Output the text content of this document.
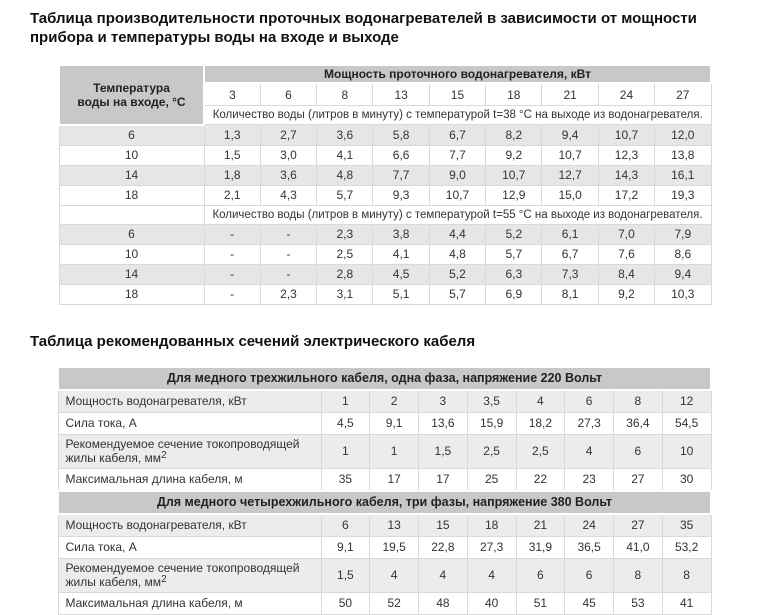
Таблица производительности проточных водонагревателей в зависимости от мощности прибора и температуры воды на входе и выходе
Температура воды на входе, °С	Мощность проточного водонагревателя, кВт								
	3	6	8	13	15	18	21	24	27
	Количество воды (литров в минуту) с температурой t=38 °С на выходе из водонагревателя.								
6	1,3	2,7	3,6	5,8	6,7	8,2	9,4	10,7	12,0
10	1,5	3,0	4,1	6,6	7,7	9,2	10,7	12,3	13,8
14	1,8	3,6	4,8	7,7	9,0	10,7	12,7	14,3	16,1
18	2,1	4,3	5,7	9,3	10,7	12,9	15,0	17,2	19,3
	Количество воды (литров в минуту) с температурой t=55 °С на выходе из водонагревателя.								
6	-	-	2,3	3,8	4,4	5,2	6,1	7,0	7,9
10	-	-	2,5	4,1	4,8	5,7	6,7	7,6	8,6
14	-	-	2,8	4,5	5,2	6,3	7,3	8,4	9,4
18	-	2,3	3,1	5,1	5,7	6,9	8,1	9,2	10,3
Таблица рекомендованных сечений электрического кабеля
Для медного трехжильного кабеля, одна фаза, напряжение 220 Вольт								
Мощность водонагревателя, кВт	1	2	3	3,5	4	6	8	12
Сила тока, А	4,5	9,1	13,6	15,9	18,2	27,3	36,4	54,5
Рекомендуемое сечение токопроводящей жилы кабеля, $мм^2$	1	1	1,5	2,5	2,5	4	6	10
Максимальная длина кабеля, м	35	17	17	25	22	23	27	30
Для медного четырехжильного кабеля, три фазы, напряжение 380 Вольт								
Мощность водонагревателя, кВт	6	13	15	18	21	24	27	35
Сила тока, А	9,1	19,5	22,8	27,3	31,9	36,5	41,0	53,2
Рекомендуемое сечение токопроводящей жилы кабеля, $мм^2$	1,5	4	4	4	6	6	8	8
Максимальная длина кабеля, м	50	52	48	40	51	45	53	41
